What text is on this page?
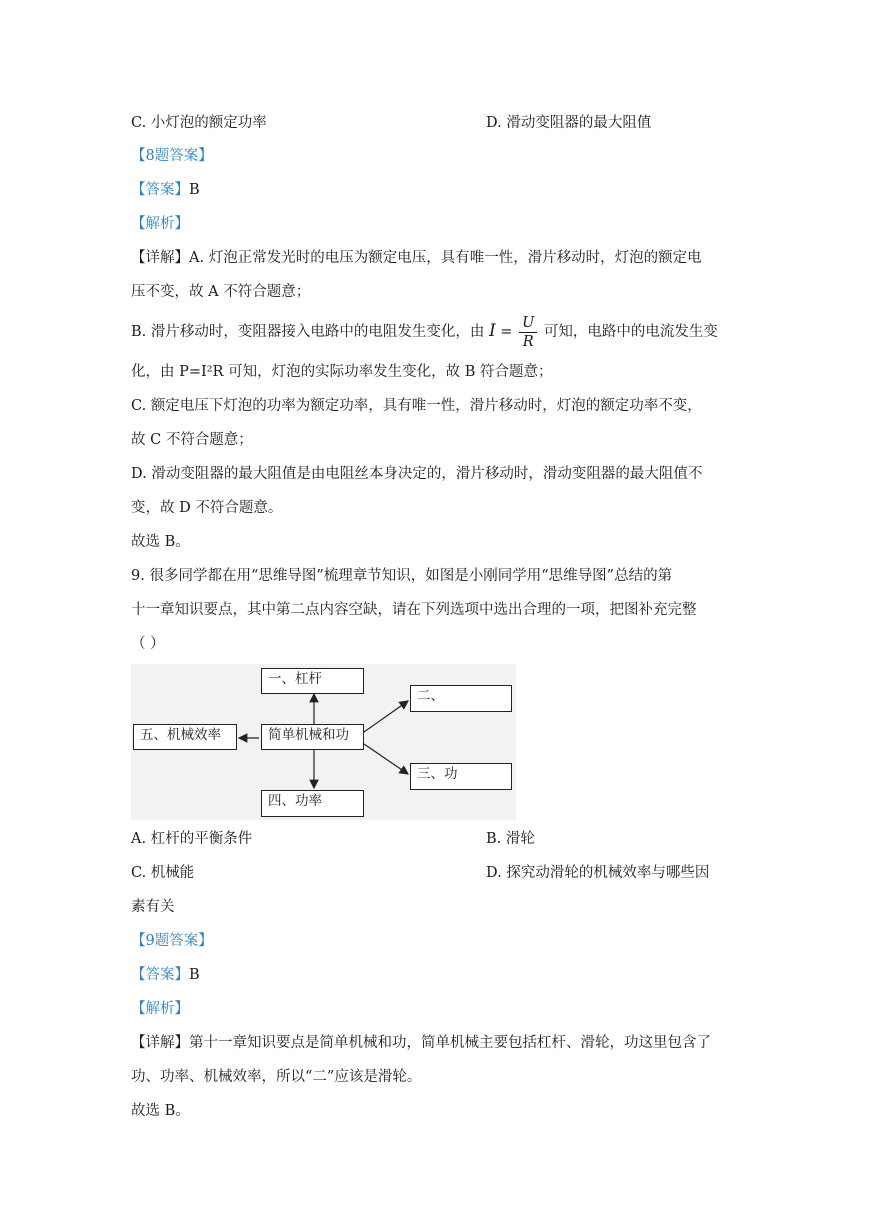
C. 小灯泡的额定功率	D. 滑动变阻器的最大阻值
【8题答案】
【答案】B
【解析】
【详解】A. 灯泡正常发光时的电压为额定电压，具有唯一性，滑片移动时，灯泡的额定电
压不变，故 A 不符合题意；
B. 滑片移动时，变阻器接入电路中的电阻发生变化，由 $I = \frac{U}{R}$ 可知，电路中的电流发生变
化，由 P=I²R 可知，灯泡的实际功率发生变化，故 B 符合题意；
C. 额定电压下灯泡的功率为额定功率，具有唯一性，滑片移动时，灯泡的额定功率不变，
故 C 不符合题意；
D. 滑动变阻器的最大阻值是由电阻丝本身决定的，滑片移动时，滑动变阻器的最大阻值不
变，故 D 不符合题意。
故选 B。
9. 很多同学都在用“思维导图”梳理章节知识，如图是小刚同学用“思维导图”总结的第
十一章知识要点，其中第二点内容空缺，请在下列选项中选出合理的一项，把图补充完整
（ ）
一、杠杆
二、
简单机械和功
五、机械效率
三、功
四、功率
A. 杠杆的平衡条件	B. 滑轮
C. 机械能	D. 探究动滑轮的机械效率与哪些因
素有关
【9题答案】
【答案】B
【解析】
【详解】第十一章知识要点是简单机械和功，简单机械主要包括杠杆、滑轮，功这里包含了
功、功率、机械效率，所以“二”应该是滑轮。
故选 B。
